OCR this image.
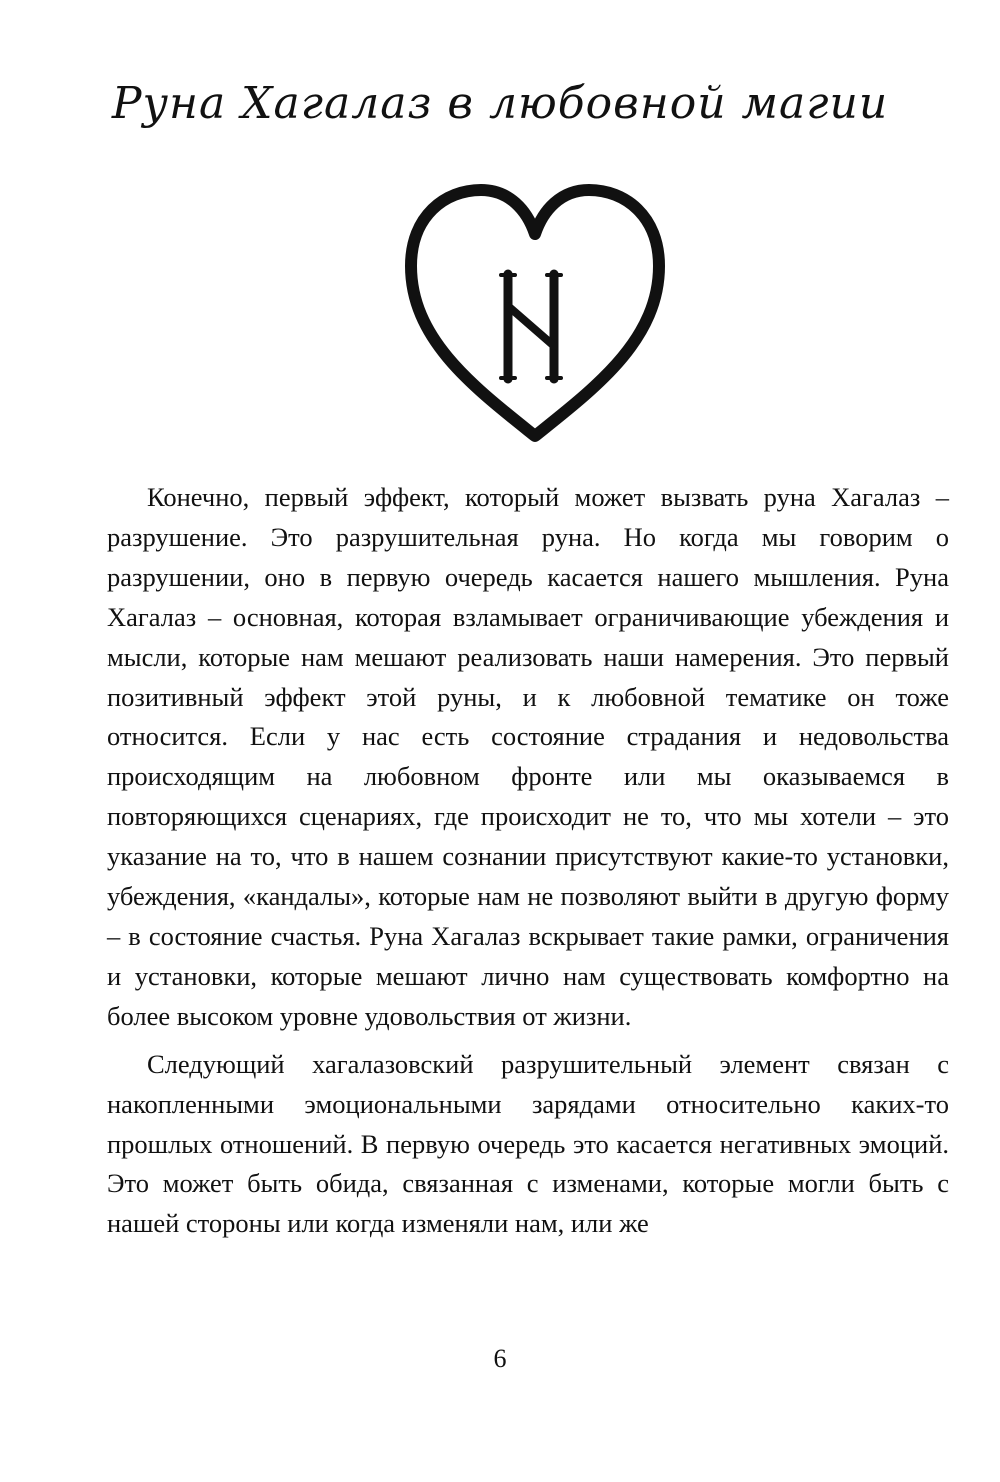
Руна Хагалаз в любовной магии

Конечно, первый эффект, который может вызвать руна Хагалаз – разрушение. Это разрушительная руна. Но когда мы говорим о разрушении, оно в первую очередь касается нашего мышления. Руна Хагалаз – основная, которая взламывает ограничивающие убеждения и мысли, которые нам мешают реализовать наши намерения. Это первый позитивный эффект этой руны, и к любовной тематике он тоже относится. Если у нас есть состояние страдания и недовольства происходящим на любовном фронте или мы оказываемся в повторяющихся сценариях, где происходит не то, что мы хотели – это указание на то, что в нашем сознании присутствуют какие-то установки, убеждения, «кандалы», которые нам не позволяют выйти в другую форму – в состояние счастья. Руна Хагалаз вскрывает такие рамки, ограничения и установки, которые мешают лично нам существовать комфортно на более высоком уровне удовольствия от жизни.

Следующий хагалазовский разрушительный элемент связан с накопленными эмоциональными зарядами относительно каких-то прошлых отношений. В первую очередь это касается негативных эмоций. Это может быть обида, связанная с изменами, которые могли быть с нашей стороны или когда изменяли нам, или же

6
